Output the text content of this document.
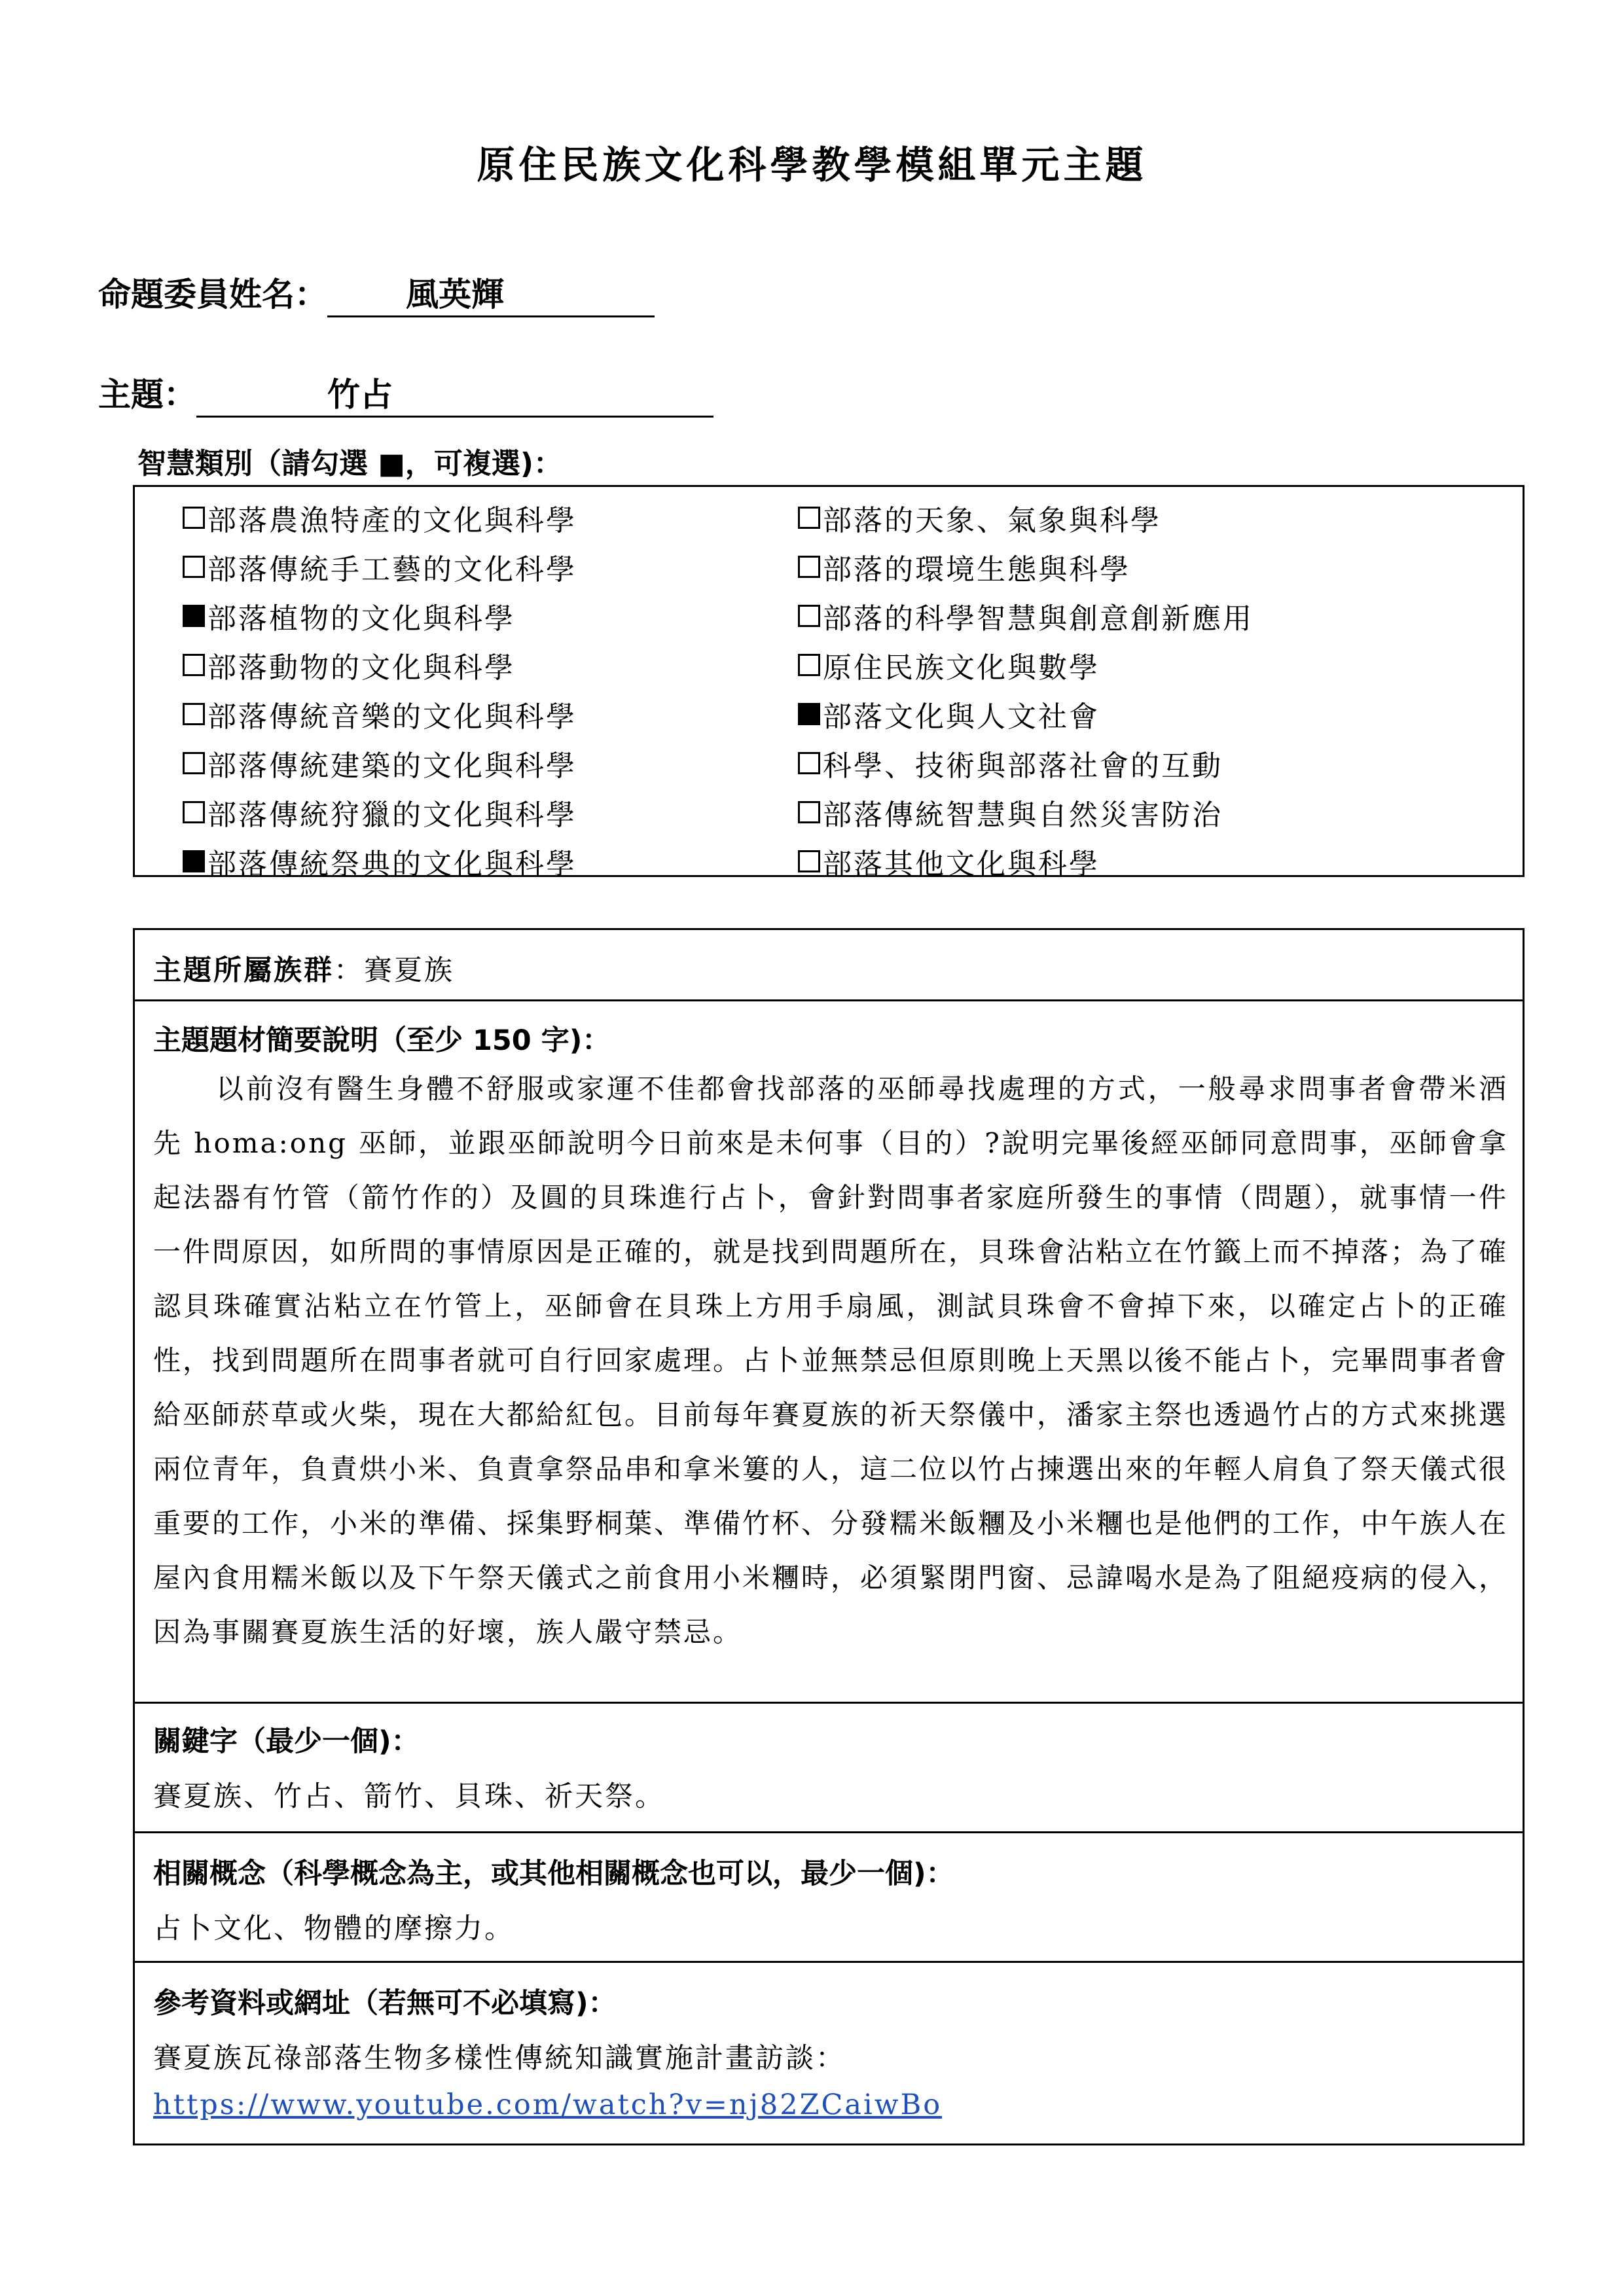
原住民族文化科學教學模組單元主題
命題委員姓名： 風英輝
主題：	竹占
智慧類別（請勾選 ■，可複選)：
部落農漁特產的文化與科學
部落傳統手工藝的文化科學
部落植物的文化與科學
部落動物的文化與科學
部落傳統音樂的文化與科學
部落傳統建築的文化與科學
部落傳統狩獵的文化與科學
部落傳統祭典的文化與科學
部落的天象、氣象與科學
部落的環境生態與科學
部落的科學智慧與創意創新應用
原住民族文化與數學
部落文化與人文社會
科學、技術與部落社會的互動
部落傳統智慧與自然災害防治
部落其他文化與科學
主題所屬族群：賽夏族
主題題材簡要說明（至少 150 字)：
以前沒有醫生身體不舒服或家運不佳都會找部落的巫師尋找處理的方式，一般尋求問事者會帶米酒先 homa:ong 巫師，並跟巫師說明今日前來是未何事（目的）?說明完畢後經巫師同意問事，巫師會拿起法器有竹管（箭竹作的）及圓的貝珠進行占卜，會針對問事者家庭所發生的事情（問題），就事情一件一件問原因，如所問的事情原因是正確的，就是找到問題所在，貝珠會沾粘立在竹籤上而不掉落；為了確認貝珠確實沾粘立在竹管上，巫師會在貝珠上方用手扇風，測試貝珠會不會掉下來，以確定占卜的正確性，找到問題所在問事者就可自行回家處理。占卜並無禁忌但原則晚上天黑以後不能占卜，完畢問事者會給巫師菸草或火柴，現在大都給紅包。目前每年賽夏族的祈天祭儀中，潘家主祭也透過竹占的方式來挑選兩位青年，負責烘小米、負責拿祭品串和拿米簍的人，這二位以竹占揀選出來的年輕人肩負了祭天儀式很重要的工作，小米的準備、採集野桐葉、準備竹杯、分發糯米飯糰及小米糰也是他們的工作，中午族人在屋內食用糯米飯以及下午祭天儀式之前食用小米糰時，必須緊閉門窗、忌諱喝水是為了阻絕疫病的侵入，因為事關賽夏族生活的好壞，族人嚴守禁忌。
關鍵字（最少一個)：
賽夏族、竹占、箭竹、貝珠、祈天祭。
相關概念（科學概念為主，或其他相關概念也可以，最少一個)：
占卜文化、物體的摩擦力。
參考資料或網址（若無可不必填寫)：
賽夏族瓦祿部落生物多樣性傳統知識實施計畫訪談：
https://www.youtube.com/watch?v=nj82ZCaiwBo
